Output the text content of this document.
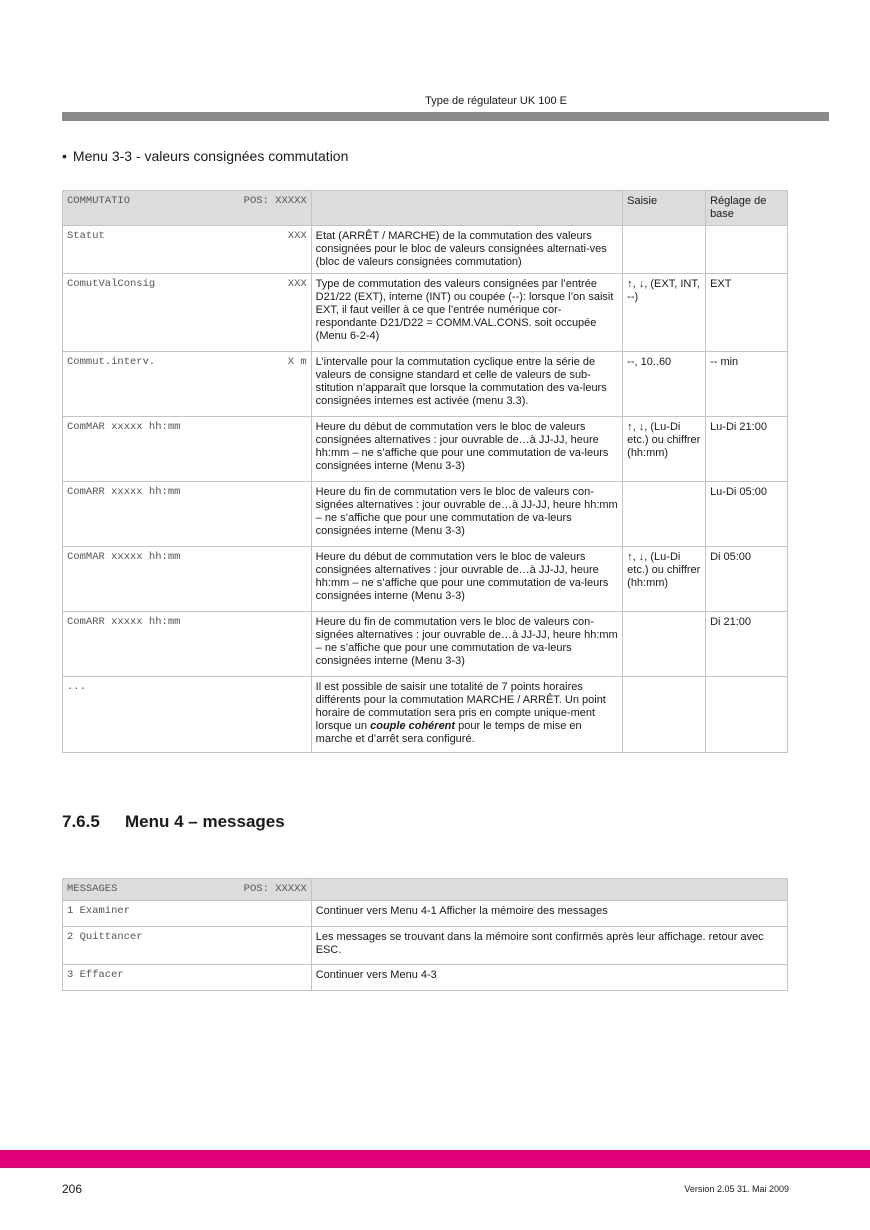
Type de régulateur UK 100 E
• Menu 3-3 - valeurs consignées commutation
COMMUTATIO POS: XXXXX		Saisie	Réglage de base

Statut XXX	Etat (ARRÊT / MARCHE) de la commutation des valeurs consignées pour le bloc de valeurs consignées alternati-ves (bloc de valeurs consignées commutation)		

ComutValConsig XXX	Type de commutation des valeurs consignées par l’entrée D21/22 (EXT), interne (INT) ou coupée (--): lorsque l’on saisit EXT, il faut veiller à ce que l’entrée numérique cor-respondante D21/D22 = COMM.VAL.CONS. soit occupée (Menu 6-2-4)	↑, ↓, (EXT, INT, --)	EXT

Commut.interv. X m	L’intervalle pour la commutation cyclique entre la série de valeurs de consigne standard et celle de valeurs de sub-stitution n’apparaît que lorsque la commutation des va-leurs consignées internes est activée (menu 3.3).	--, 10..60	-- min

ComMAR xxxxx hh:mm	Heure du début de commutation vers le bloc de valeurs consignées alternatives : jour ouvrable de…à JJ-JJ, heure hh:mm – ne s’affiche que pour une commutation de va-leurs consignées interne (Menu 3-3)	↑, ↓, (Lu-Di etc.) ou chiffrer (hh:mm)	Lu-Di 21:00

ComARR xxxxx hh:mm	Heure du fin de commutation vers le bloc de valeurs con-signées alternatives : jour ouvrable de…à JJ-JJ, heure hh:mm – ne s’affiche que pour une commutation de va-leurs consignées interne (Menu 3-3)		Lu-Di 05:00

ComMAR xxxxx hh:mm	Heure du début de commutation vers le bloc de valeurs consignées alternatives : jour ouvrable de…à JJ-JJ, heure hh:mm – ne s’affiche que pour une commutation de va-leurs consignées interne (Menu 3-3)	↑, ↓, (Lu-Di etc.) ou chiffrer (hh:mm)	Di 05:00

ComARR xxxxx hh:mm	Heure du fin de commutation vers le bloc de valeurs con-signées alternatives : jour ouvrable de…à JJ-JJ, heure hh:mm – ne s’affiche que pour une commutation de va-leurs consignées interne (Menu 3-3)		Di 21:00
...	Il est possible de saisir une totalité de 7 points horaires différents pour la commutation MARCHE / ARRÊT. Un point horaire de commutation sera pris en compte unique-ment lorsque un couple cohérent pour le temps de mise en marche et d’arrêt sera configuré.		
7.6.5 Menu 4 – messages
MESSAGES POS: XXXXX	

1 Examiner	Continuer vers Menu 4-1 Afficher la mémoire des messages
2 Quittancer	Les messages se trouvant dans la mémoire sont confirmés après leur affichage. retour avec ESC.
3 Effacer	Continuer vers Menu 4-3
206	Version 2.05 31. Mai 2009
